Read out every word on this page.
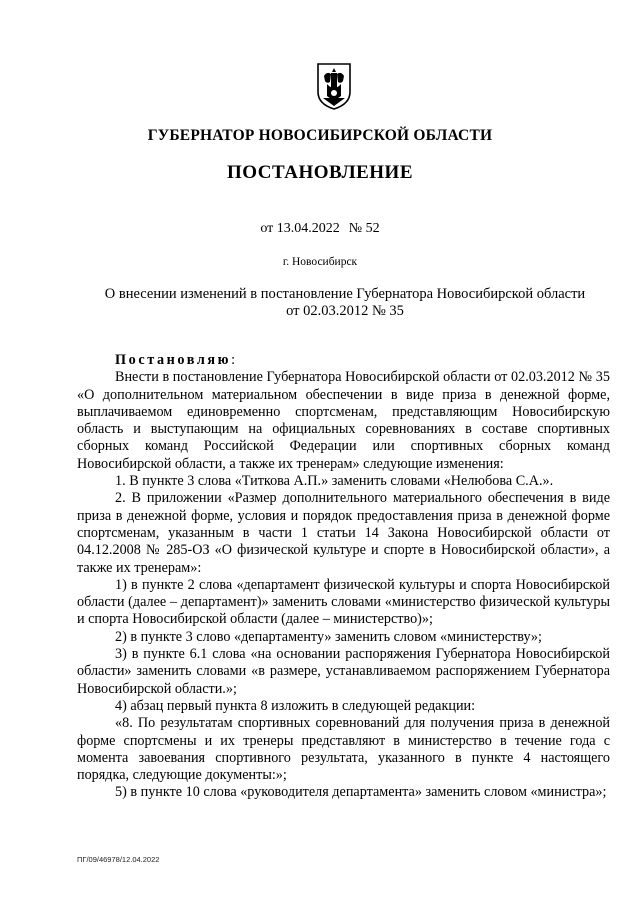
ГУБЕРНАТОР НОВОСИБИРСКОЙ ОБЛАСТИ
ПОСТАНОВЛЕНИЕ
от 13.04.2022 № 52
г. Новосибирск
О внесении изменений в постановление Губернатора Новосибирской области
от 02.03.2012 № 35

Постановляю:

Внести в постановление Губернатора Новосибирской области от 02.03.2012 № 35 «О дополнительном материальном обеспечении в виде приза в денежной форме, выплачиваемом единовременно спортсменам, представляющим Новосибирскую область и выступающим на официальных соревнованиях в составе спортивных сборных команд Российской Федерации или спортивных сборных команд Новосибирской области, а также их тренерам» следующие изменения:

1. В пункте 3 слова «Титкова А.П.» заменить словами «Нелюбова С.А.».

2. В приложении «Размер дополнительного материального обеспечения в виде приза в денежной форме, условия и порядок предоставления приза в денежной форме спортсменам, указанным в части 1 статьи 14 Закона Новосибирской области от 04.12.2008 № 285-ОЗ «О физической культуре и спорте в Новосибирской области», а также их тренерам»:

1) в пункте 2 слова «департамент физической культуры и спорта Новосибирской области (далее – департамент)» заменить словами «министерство физической культуры и спорта Новосибирской области (далее – министерство)»;

2) в пункте 3 слово «департаменту» заменить словом «министерству»;

3) в пункте 6.1 слова «на основании распоряжения Губернатора Новосибирской области» заменить словами «в размере, устанавливаемом распоряжением Губернатора Новосибирской области.»;

4) абзац первый пункта 8 изложить в следующей редакции:

«8. По результатам спортивных соревнований для получения приза в денежной форме спортсмены и их тренеры представляют в министерство в течение года с момента завоевания спортивного результата, указанного в пункте 4 настоящего порядка, следующие документы:»;

5) в пункте 10 слова «руководителя департамента» заменить словом «министра»;

ПГ/09/46978/12.04.2022
